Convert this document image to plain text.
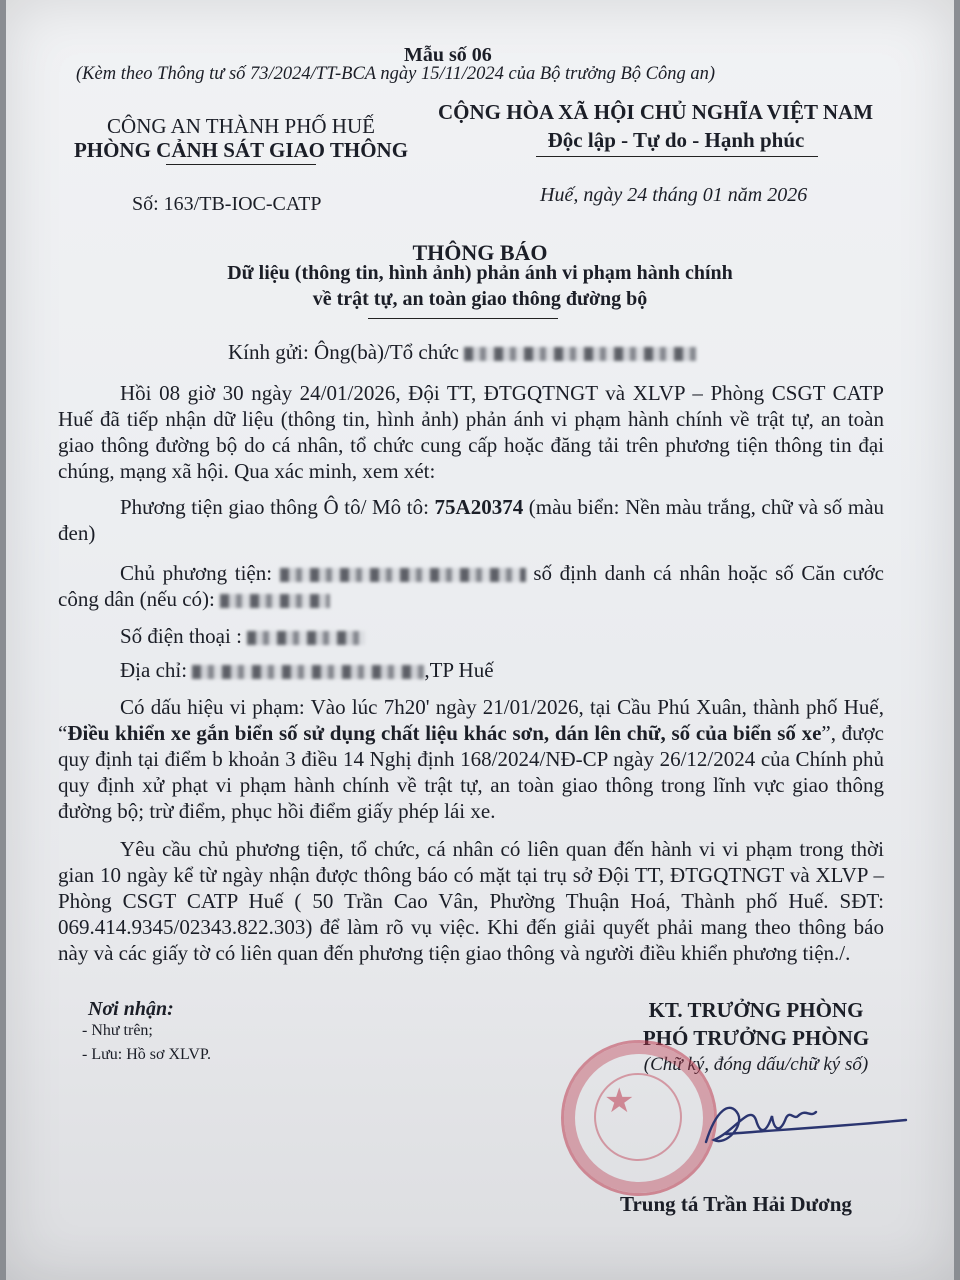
Mẫu số 06
(Kèm theo Thông tư số 73/2024/TT-BCA ngày 15/11/2024 của Bộ trưởng Bộ Công an)
CÔNG AN THÀNH PHỐ HUẾ
PHÒNG CẢNH SÁT GIAO THÔNG
Số: 163/TB-IOC-CATP
CỘNG HÒA XÃ HỘI CHỦ NGHĨA VIỆT NAM
Độc lập - Tự do - Hạnh phúc
Huế, ngày 24 tháng 01 năm 2026
THÔNG BÁO
Dữ liệu (thông tin, hình ảnh) phản ánh vi phạm hành chính
về trật tự, an toàn giao thông đường bộ
Kính gửi: Ông(bà)/Tổ chức
Hồi 08 giờ 30 ngày 24/01/2026, Đội TT, ĐTGQTNGT và XLVP – Phòng CSGT CATP Huế đã tiếp nhận dữ liệu (thông tin, hình ảnh) phản ánh vi phạm hành chính về trật tự, an toàn giao thông đường bộ do cá nhân, tổ chức cung cấp hoặc đăng tải trên phương tiện thông tin đại chúng, mạng xã hội. Qua xác minh, xem xét:
Phương tiện giao thông Ô tô/ Mô tô: 75A20374 (màu biển: Nền màu trắng, chữ và số màu đen)
Chủ phương tiện:	số định danh cá nhân hoặc số Căn cước công dân (nếu có):
Số điện thoại :
Địa chỉ:	,TP Huế
Có dấu hiệu vi phạm: Vào lúc 7h20' ngày 21/01/2026, tại Cầu Phú Xuân, thành phố Huế, “Điều khiển xe gắn biển số sử dụng chất liệu khác sơn, dán lên chữ, số của biển số xe”, được quy định tại điểm b khoản 3 điều 14 Nghị định 168/2024/NĐ-CP ngày 26/12/2024 của Chính phủ quy định xử phạt vi phạm hành chính về trật tự, an toàn giao thông trong lĩnh vực giao thông đường bộ; trừ điểm, phục hồi điểm giấy phép lái xe.
Yêu cầu chủ phương tiện, tổ chức, cá nhân có liên quan đến hành vi vi phạm trong thời gian 10 ngày kể từ ngày nhận được thông báo có mặt tại trụ sở Đội TT, ĐTGQTNGT và XLVP – Phòng CSGT CATP Huế ( 50 Trần Cao Vân, Phường Thuận Hoá, Thành phố Huế. SĐT: 069.414.9345/02343.822.303) để làm rõ vụ việc. Khi đến giải quyết phải mang theo thông báo này và các giấy tờ có liên quan đến phương tiện giao thông và người điều khiển phương tiện./.
Nơi nhận:
- Như trên;
- Lưu: Hồ sơ XLVP.
KT. TRƯỞNG PHÒNG
PHÓ TRƯỞNG PHÒNG
(Chữ ký, đóng dấu/chữ ký số)
★
Trung tá Trần Hải Dương
